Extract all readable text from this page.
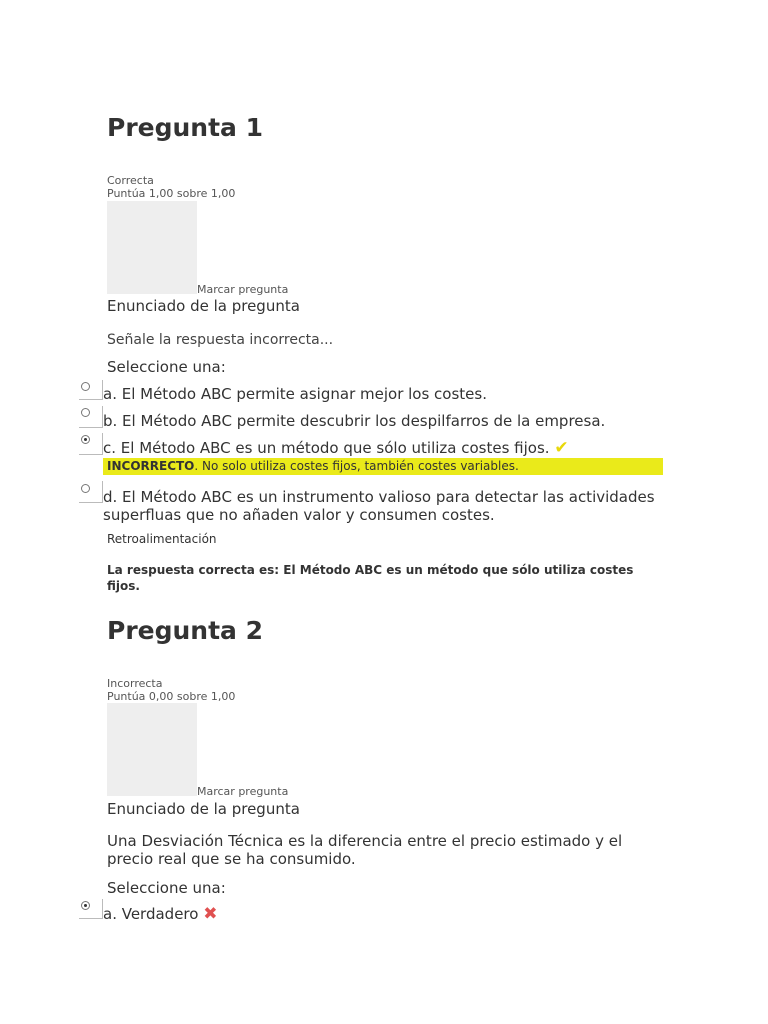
Pregunta 1
Correcta
Puntúa 1,00 sobre 1,00
Marcar pregunta
Enunciado de la pregunta
Señale la respuesta incorrecta...
Seleccione una:
a. El Método ABC permite asignar mejor los costes.
b. El Método ABC permite descubrir los despilfarros de la empresa.
c. El Método ABC es un método que sólo utiliza costes fijos. ✔
INCORRECTO. No solo utiliza costes fijos, también costes variables.
d. El Método ABC es un instrumento valioso para detectar las actividades superfluas que no añaden valor y consumen costes.
Retroalimentación
La respuesta correcta es: El Método ABC es un método que sólo utiliza costes fijos.
Pregunta 2
Incorrecta
Puntúa 0,00 sobre 1,00
Marcar pregunta
Enunciado de la pregunta
Una Desviación Técnica es la diferencia entre el precio estimado y el precio real que se ha consumido.
Seleccione una:
a. Verdadero ✖
